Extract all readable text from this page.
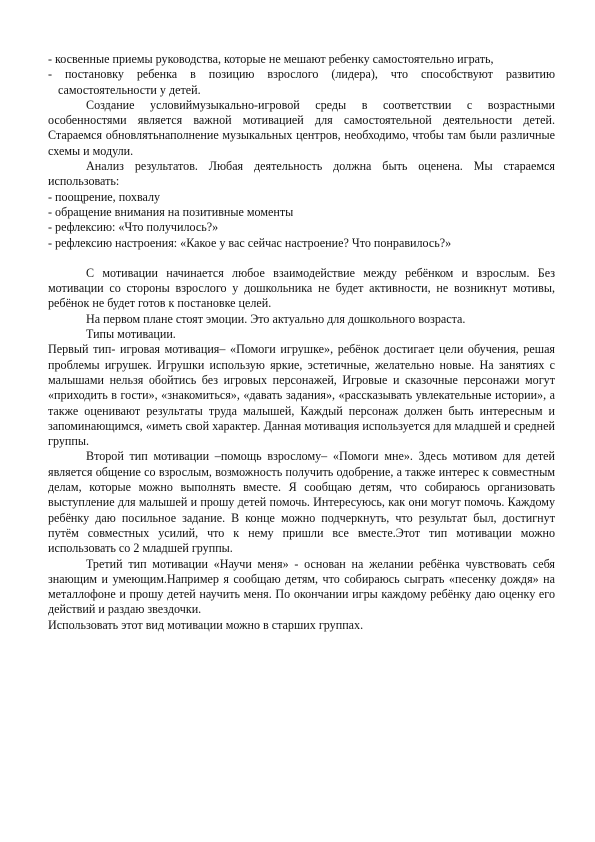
- косвенные приемы руководства, которые не мешают ребенку самостоятельно играть,

- постановку ребенка в позицию взрослого (лидера), что способствуют развитию самостоятельности у детей.

Создание условиймузыкально-игровой среды в соответствии с возрастными особенностями является важной мотивацией для самостоятельной деятельности детей. Стараемся обновлятьнаполнение музыкальных центров, необходимо, чтобы там были различные схемы и модули.

Анализ результатов. Любая деятельность должна быть оценена. Мы стараемся использовать:

- поощрение, похвалу

- обращение внимания на позитивные моменты

- рефлексию: «Что получилось?»

- рефлексию настроения: «Какое у вас сейчас настроение? Что понравилось?»

С мотивации начинается любое взаимодействие между ребёнком и взрослым. Без мотивации со стороны взрослого у дошкольника не будет активности, не возникнут мотивы, ребёнок не будет готов к постановке целей.

На первом плане стоят эмоции. Это актуально для дошкольного возраста.

Типы мотивации.

Первый тип- игровая мотивация– «Помоги игрушке», ребёнок достигает цели обучения, решая проблемы игрушек. Игрушки использую яркие, эстетичные, желательно новые. На занятиях с малышами нельзя обойтись без игровых персонажей, Игровые и сказочные персонажи могут «приходить в гости», «знакомиться», «давать задания», «рассказывать увлекательные истории», а также оценивают результаты труда малышей, Каждый персонаж должен быть интересным и запоминающимся, «иметь свой характер. Данная мотивация используется для младшей и средней группы.

Второй тип мотивации –помощь взрослому– «Помоги мне». Здесь мотивом для детей является общение со взрослым, возможность получить одобрение, а также интерес к совместным делам, которые можно выполнять вместе. Я сообщаю детям, что собираюсь организовать выступление для малышей и прошу детей помочь. Интересуюсь, как они могут помочь. Каждому ребёнку даю посильное задание. В конце можно подчеркнуть, что результат был, достигнут путём совместных усилий, что к нему пришли все вместе.Этот тип мотивации можно использовать со 2 младшей группы.

Третий тип мотивации «Научи меня» - основан на желании ребёнка чувствовать себя знающим и умеющим.Например я сообщаю детям, что собираюсь сыграть «песенку дождя» на металлофоне и прошу детей научить меня. По окончании игры каждому ребёнку даю оценку его действий и раздаю звездочки.

Использовать этот вид мотивации можно в старших группах.
